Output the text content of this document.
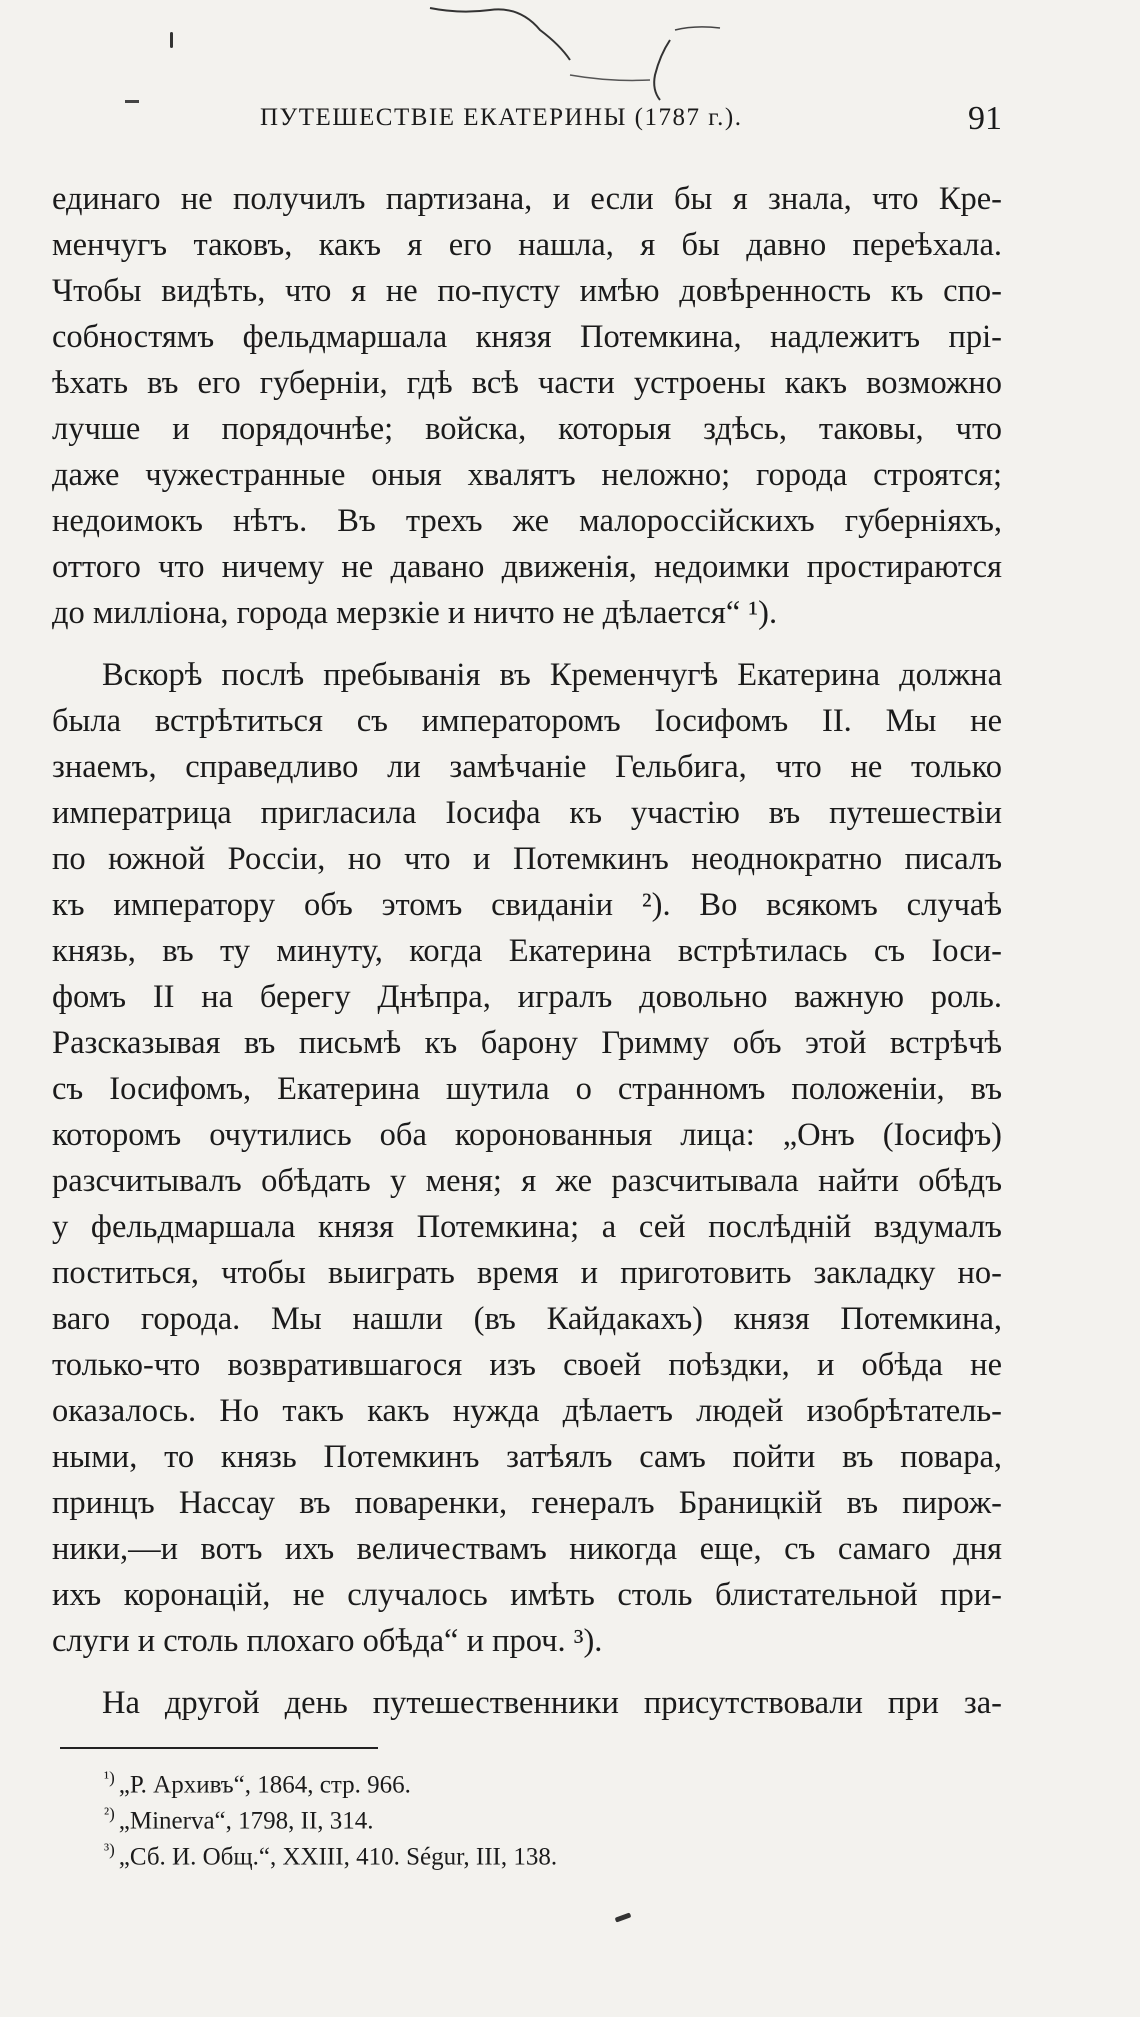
ПУТЕШЕСТВІЕ ЕКАТЕРИНЫ (1787 г.).	91
единаго не получилъ партизана, и если бы я знала, что Кре-
менчугъ таковъ, какъ я его нашла, я бы давно переѣхала.
Чтобы видѣть, что я не по-пусту имѣю довѣренность къ спо-
собностямъ фельдмаршала князя Потемкина, надлежитъ прі-
ѣхать въ его губерніи, гдѣ всѣ части устроены какъ возможно
лучше и порядочнѣе; войска, которыя здѣсь, таковы, что
даже чужестранные оныя хвалятъ неложно; города строятся;
недоимокъ нѣтъ. Въ трехъ же малороссійскихъ губерніяхъ,
оттого что ничему не давано движенія, недоимки простираются
до милліона, города мерзкіе и ничто не дѣлается“ ¹).
Вскорѣ послѣ пребыванія въ Кременчугѣ Екатерина должна
была встрѣтиться съ императоромъ Іосифомъ II. Мы не
знаемъ, справедливо ли замѣчаніе Гельбига, что не только
императрица пригласила Іосифа къ участію въ путешествіи
по южной Россіи, но что и Потемкинъ неоднократно писалъ
къ императору объ этомъ свиданіи ²). Во всякомъ случаѣ
князь, въ ту минуту, когда Екатерина встрѣтилась съ Іоси-
фомъ II на берегу Днѣпра, игралъ довольно важную роль.
Разсказывая въ письмѣ къ барону Гримму объ этой встрѣчѣ
съ Іосифомъ, Екатерина шутила о странномъ положеніи, въ
которомъ очутились оба коронованныя лица: „Онъ (Іосифъ)
разсчитывалъ обѣдать у меня; я же разсчитывала найти обѣдъ
у фельдмаршала князя Потемкина; а сей послѣдній вздумалъ
поститься, чтобы выиграть время и приготовить закладку но-
ваго города. Мы нашли (въ Кайдакахъ) князя Потемкина,
только-что возвратившагося изъ своей поѣздки, и обѣда не
оказалось. Но такъ какъ нужда дѣлаетъ людей изобрѣтатель-
ными, то князь Потемкинъ затѣялъ самъ пойти въ повара,
принцъ Нассау въ поваренки, генералъ Браницкій въ пирож-
ники,—и вотъ ихъ величествамъ никогда еще, съ самаго дня
ихъ коронацій, не случалось имѣть столь блистательной при-
слуги и столь плохаго обѣда“ и проч. ³).
На другой день путешественники присутствовали при за-
$^{^1)}$ „Р. Архивъ“, 1864, стр. 966.
$^{^2)}$ „Minerva“, 1798, II, 314.
$^{^3)}$ „Сб. И. Общ.“, XXIII, 410. Ségur, III, 138.
